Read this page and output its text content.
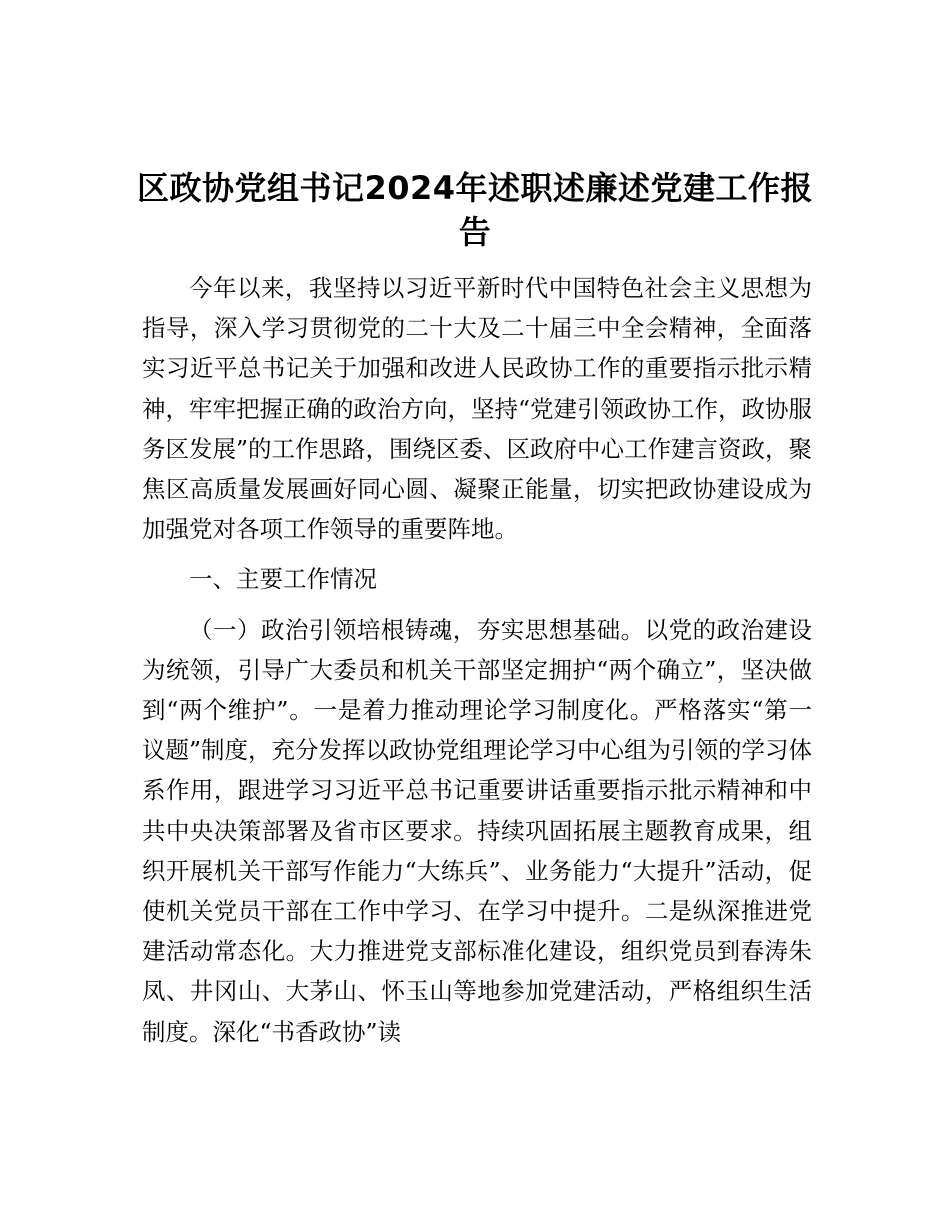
区政协党组书记2024年述职述廉述党建工作报告

今年以来，我坚持以习近平新时代中国特色社会主义思想为指导，深入学习贯彻党的二十大及二十届三中全会精神，全面落实习近平总书记关于加强和改进人民政协工作的重要指示批示精神，牢牢把握正确的政治方向，坚持“党建引领政协工作，政协服务区发展”的工作思路，围绕区委、区政府中心工作建言资政，聚焦区高质量发展画好同心圆、凝聚正能量，切实把政协建设成为加强党对各项工作领导的重要阵地。

一、主要工作情况

（一）政治引领培根铸魂，夯实思想基础。以党的政治建设为统领，引导广大委员和机关干部坚定拥护“两个确立”，坚决做到“两个维护”。一是着力推动理论学习制度化。严格落实“第一议题”制度，充分发挥以政协党组理论学习中心组为引领的学习体系作用，跟进学习习近平总书记重要讲话重要指示批示精神和中共中央决策部署及省市区要求。持续巩固拓展主题教育成果，组织开展机关干部写作能力“大练兵”、业务能力“大提升”活动，促使机关党员干部在工作中学习、在学习中提升。二是纵深推进党建活动常态化。大力推进党支部标准化建设，组织党员到春涛朱凤、井冈山、大茅山、怀玉山等地参加党建活动，严格组织生活制度。深化“书香政协”读
